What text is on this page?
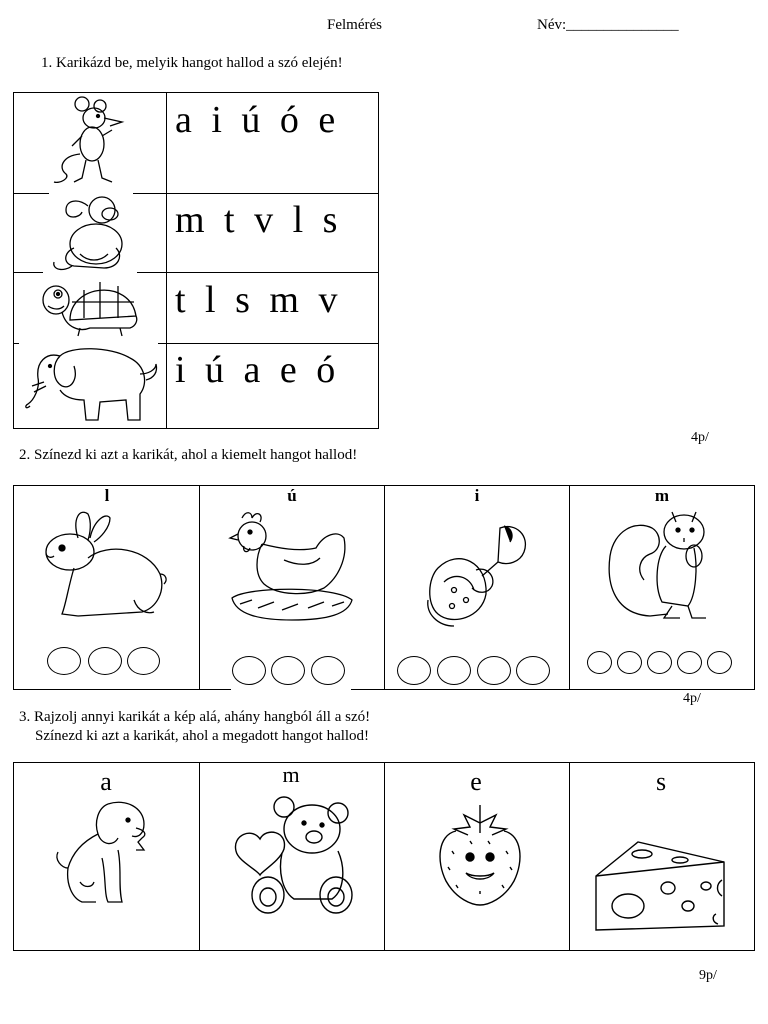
Felmérés	Név:_______________
1. Karikázd be, melyik hangot hallod a szó elején!
a i ú ó e
m t v l s
t l s m v
i ú a e ó
4p/
2. Színezd ki azt a karikát, ahol a kiemelt hangot hallod!
l	ú	i	m
4p/
3. Rajzolj annyi karikát a kép alá, ahány hangból áll a szó!
Színezd ki azt a karikát, ahol a megadott hangot hallod!
a	m	e	s
9p/
